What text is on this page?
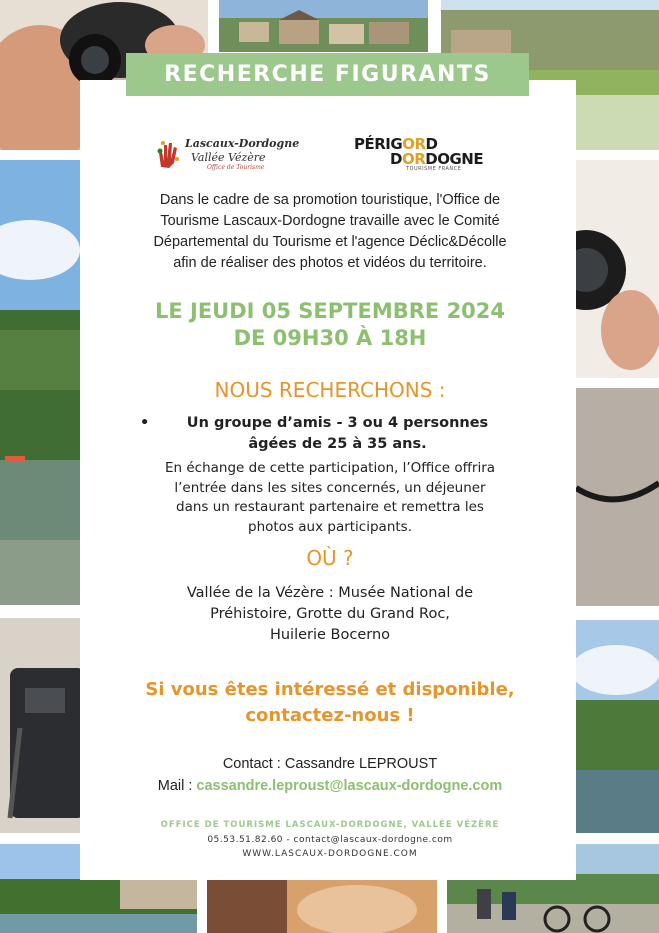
RECHERCHE FIGURANTS
Lascaux-Dordogne
Vallée Vézère
Office de Tourisme
PÉRIGORD
DORDOGNE
TOURISME FRANCE
Dans le cadre de sa promotion touristique, l'Office de
Tourisme Lascaux-Dordogne travaille avec le Comité
Départemental du Tourisme et l'agence Déclic&Décolle
afin de réaliser des photos et vidéos du territoire.
LE JEUDI 05 SEPTEMBRE 2024
DE 09H30 À 18H
NOUS RECHERCHONS :
•	Un groupe d’amis - 3 ou 4 personnes
âgées de 25 à 35 ans.
En échange de cette participation, l’Office offrira
l’entrée dans les sites concernés, un déjeuner
dans un restaurant partenaire et remettra les
photos aux participants.
OÙ ?
Vallée de la Vézère : Musée National de
Préhistoire, Grotte du Grand Roc,
Huilerie Bocerno
Si vous êtes intéressé et disponible,
contactez-nous !
Contact : Cassandre LEPROUST
Mail : cassandre.leproust@lascaux-dordogne.com
OFFICE DE TOURISME LASCAUX-DORDOGNE, VALLÉE VÉZÈRE
05.53.51.82.60 - contact@lascaux-dordogne.com
WWW.LASCAUX-DORDOGNE.COM
